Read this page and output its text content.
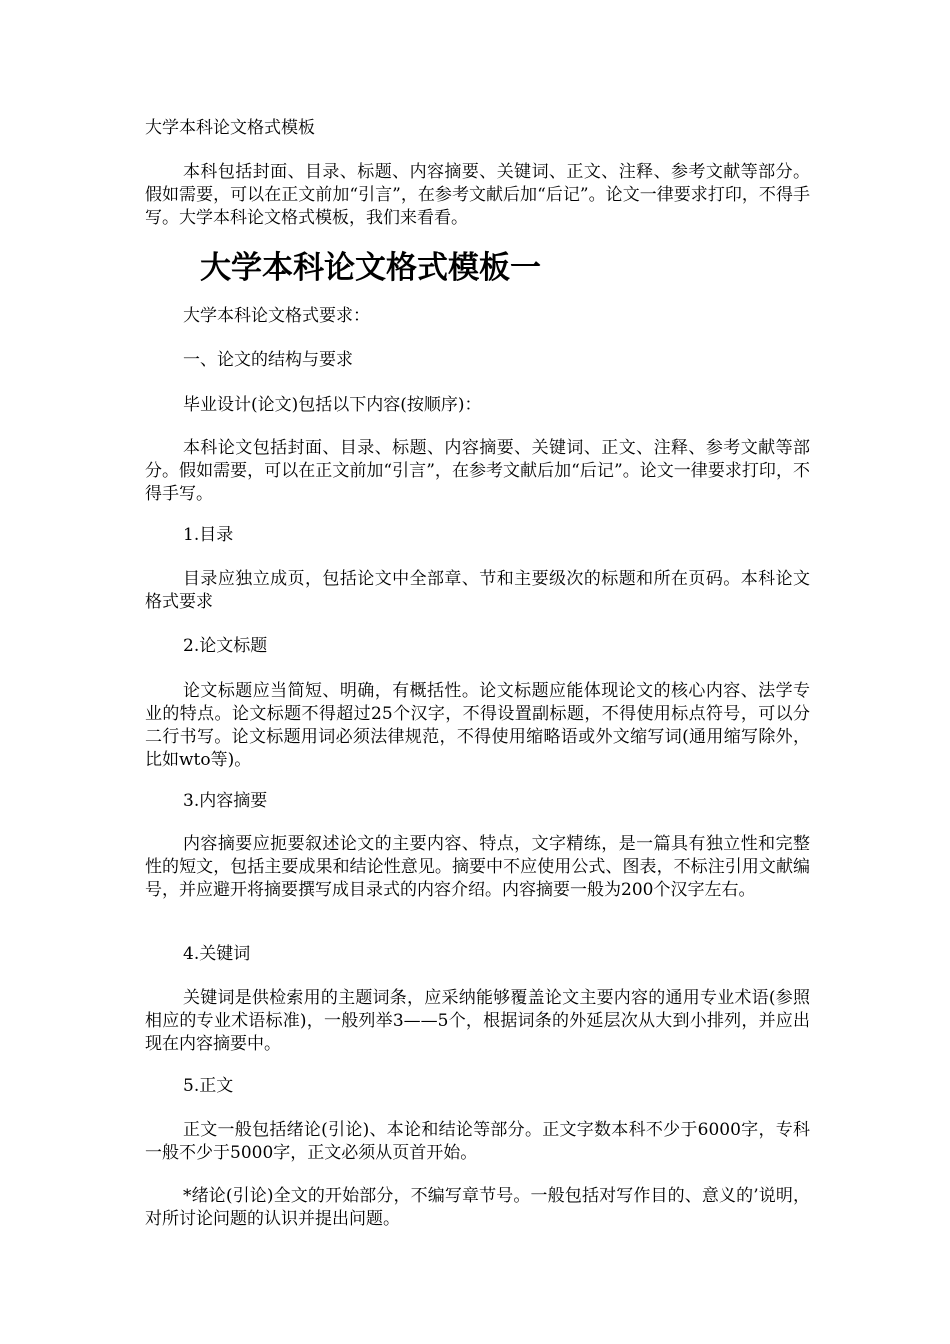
大学本科论文格式模板
本科包括封面、目录、标题、内容摘要、关键词、正文、注释、参考文献等部分。假如需要，可以在正文前加“引言”，在参考文献后加“后记”。论文一律要求打印，不得手写。大学本科论文格式模板，我们来看看。
大学本科论文格式模板一
大学本科论文格式要求：
一、论文的结构与要求
毕业设计(论文)包括以下内容(按顺序)：
本科论文包括封面、目录、标题、内容摘要、关键词、正文、注释、参考文献等部分。假如需要，可以在正文前加“引言”，在参考文献后加“后记”。论文一律要求打印，不得手写。
1.目录
目录应独立成页，包括论文中全部章、节和主要级次的标题和所在页码。本科论文格式要求
2.论文标题
论文标题应当简短、明确，有概括性。论文标题应能体现论文的核心内容、法学专业的特点。论文标题不得超过25个汉字，不得设置副标题，不得使用标点符号，可以分二行书写。论文标题用词必须法律规范，不得使用缩略语或外文缩写词(通用缩写除外，比如wto等)。
3.内容摘要
内容摘要应扼要叙述论文的主要内容、特点，文字精练，是一篇具有独立性和完整性的短文，包括主要成果和结论性意见。摘要中不应使用公式、图表，不标注引用文献编号，并应避开将摘要撰写成目录式的内容介绍。内容摘要一般为200个汉字左右。
4.关键词
关键词是供检索用的主题词条，应采纳能够覆盖论文主要内容的通用专业术语(参照相应的专业术语标准)，一般列举3——5个，根据词条的外延层次从大到小排列，并应出现在内容摘要中。
5.正文
正文一般包括绪论(引论)、本论和结论等部分。正文字数本科不少于6000字，专科一般不少于5000字，正文必须从页首开始。
*绪论(引论)全文的开始部分，不编写章节号。一般包括对写作目的、意义的’说明，对所讨论问题的认识并提出问题。
